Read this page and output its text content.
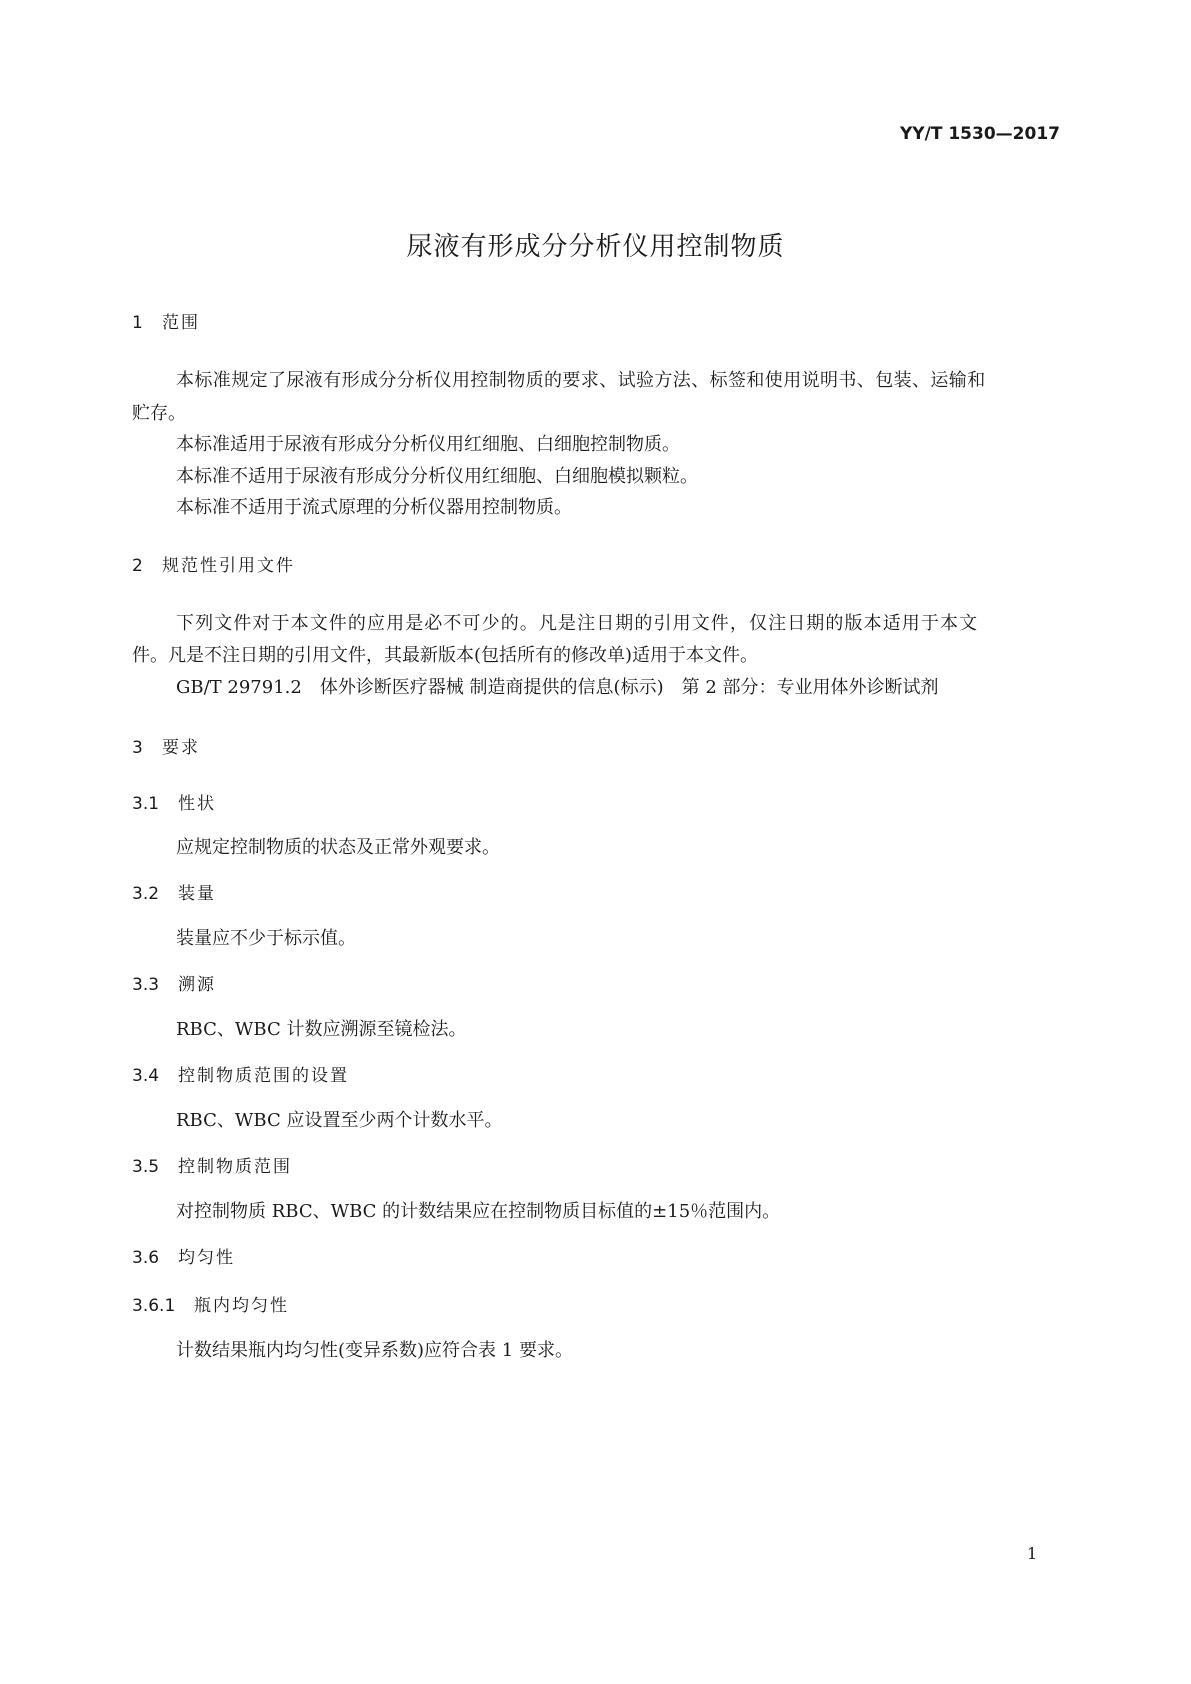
YY/T 1530—2017
尿液有形成分分析仪用控制物质
1 范围
本标准规定了尿液有形成分分析仪用控制物质的要求、试验方法、标签和使用说明书、包装、运输和
贮存。
本标准适用于尿液有形成分分析仪用红细胞、白细胞控制物质。
本标准不适用于尿液有形成分分析仪用红细胞、白细胞模拟颗粒。
本标准不适用于流式原理的分析仪器用控制物质。
2 规范性引用文件
下列文件对于本文件的应用是必不可少的。凡是注日期的引用文件，仅注日期的版本适用于本文
件。凡是不注日期的引用文件，其最新版本(包括所有的修改单)适用于本文件。
GB/T 29791.2　体外诊断医疗器械 制造商提供的信息(标示)　第 2 部分：专业用体外诊断试剂
3 要求
3.1 性状
应规定控制物质的状态及正常外观要求。
3.2 装量
装量应不少于标示值。
3.3 溯源
RBC、WBC 计数应溯源至镜检法。
3.4 控制物质范围的设置
RBC、WBC 应设置至少两个计数水平。
3.5 控制物质范围
对控制物质 RBC、WBC 的计数结果应在控制物质目标值的±15％范围内。
3.6 均匀性
3.6.1 瓶内均匀性
计数结果瓶内均匀性(变异系数)应符合表 1 要求。
1
